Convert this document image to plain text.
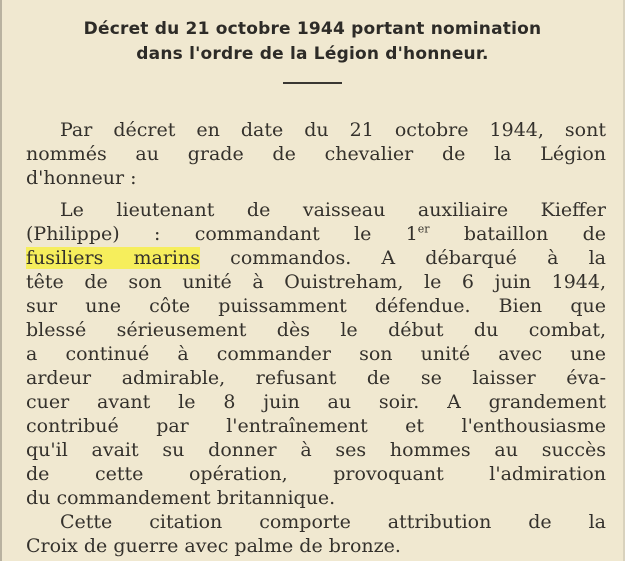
Décret du 21 octobre 1944 portant nomination
dans l'ordre de la Légion d'honneur.
Par décret en date du 21 octobre 1944, sont
nommés au grade de chevalier de la Légion
d'honneur :
Le lieutenant de vaisseau auxiliaire Kieffer
(Philippe) : commandant le 1er bataillon de
fusiliers marins commandos. A débarqué à la
tête de son unité à Ouistreham, le 6 juin 1944,
sur une côte puissamment défendue. Bien que
blessé sérieusement dès le début du combat,
a continué à commander son unité avec une
ardeur admirable, refusant de se laisser éva-
cuer avant le 8 juin au soir. A grandement
contribué par l'entraînement et l'enthousiasme
qu'il avait su donner à ses hommes au succès
de cette opération, provoquant l'admiration
du commandement britannique.
Cette citation comporte attribution de la
Croix de guerre avec palme de bronze.
